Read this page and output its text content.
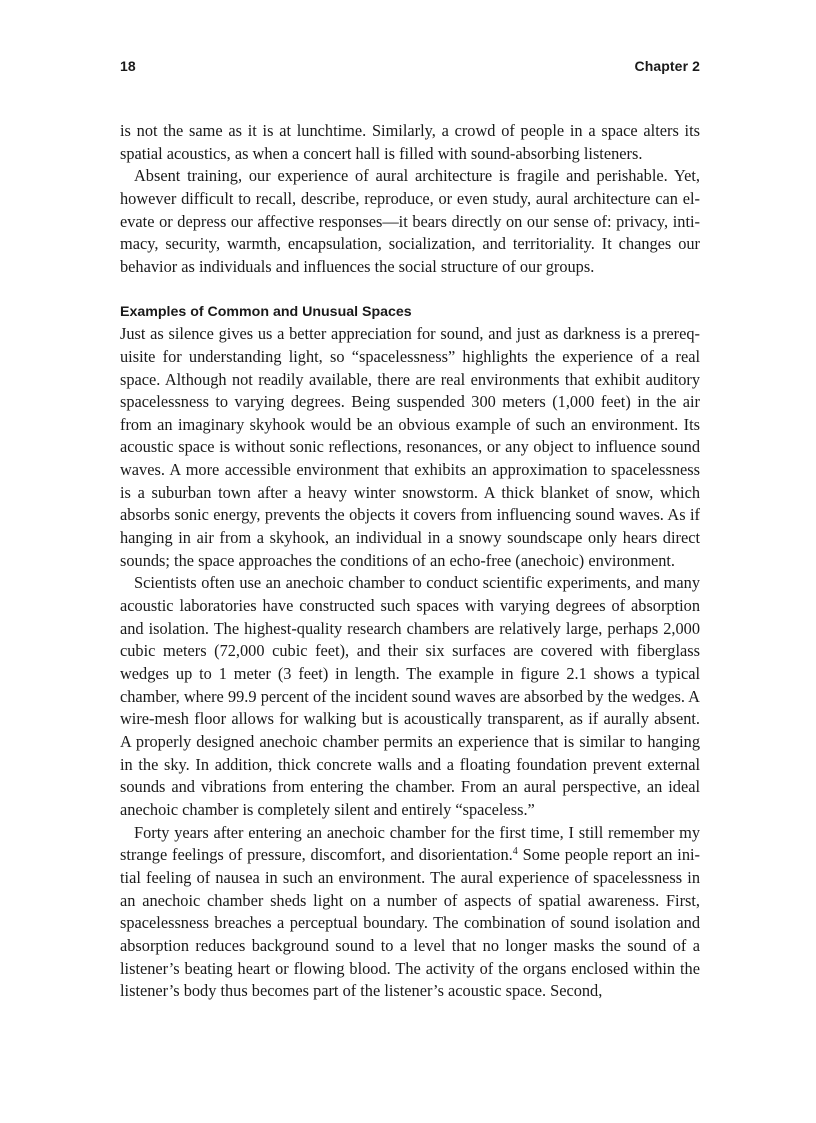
18	Chapter 2

is not the same as it is at lunchtime. Similarly, a crowd of people in a space alters its spatial acoustics, as when a concert hall is filled with sound-absorbing listeners.

Absent training, our experience of aural architecture is fragile and perishable. Yet, however difficult to recall, describe, reproduce, or even study, aural architecture can elevate or depress our affective responses—it bears directly on our sense of: privacy, intimacy, security, warmth, encapsulation, socialization, and territoriality. It changes our behavior as individuals and influences the social structure of our groups.

Examples of Common and Unusual Spaces

Just as silence gives us a better appreciation for sound, and just as darkness is a prerequisite for understanding light, so “spacelessness” highlights the experience of a real space. Although not readily available, there are real environments that exhibit auditory spacelessness to varying degrees. Being suspended 300 meters (1,000 feet) in the air from an imaginary skyhook would be an obvious example of such an environment. Its acoustic space is without sonic reflections, resonances, or any object to influence sound waves. A more accessible environment that exhibits an approximation to spacelessness is a suburban town after a heavy winter snowstorm. A thick blanket of snow, which absorbs sonic energy, prevents the objects it covers from influencing sound waves. As if hanging in air from a skyhook, an individual in a snowy soundscape only hears direct sounds; the space approaches the conditions of an echo-free (anechoic) environment.

Scientists often use an anechoic chamber to conduct scientific experiments, and many acoustic laboratories have constructed such spaces with varying degrees of absorption and isolation. The highest-quality research chambers are relatively large, perhaps 2,000 cubic meters (72,000 cubic feet), and their six surfaces are covered with fiberglass wedges up to 1 meter (3 feet) in length. The example in figure 2.1 shows a typical chamber, where 99.9 percent of the incident sound waves are absorbed by the wedges. A wire-mesh floor allows for walking but is acoustically transparent, as if aurally absent. A properly designed anechoic chamber permits an experience that is similar to hanging in the sky. In addition, thick concrete walls and a floating foundation prevent external sounds and vibrations from entering the chamber. From an aural perspective, an ideal anechoic chamber is completely silent and entirely “spaceless.”

Forty years after entering an anechoic chamber for the first time, I still remember my strange feelings of pressure, discomfort, and disorientation.$^4$ Some people report an initial feeling of nausea in such an environment. The aural experience of spacelessness in an anechoic chamber sheds light on a number of aspects of spatial awareness. First, spacelessness breaches a perceptual boundary. The combination of sound isolation and absorption reduces background sound to a level that no longer masks the sound of a listener’s beating heart or flowing blood. The activity of the organs enclosed within the listener’s body thus becomes part of the listener’s acoustic space. Second,
